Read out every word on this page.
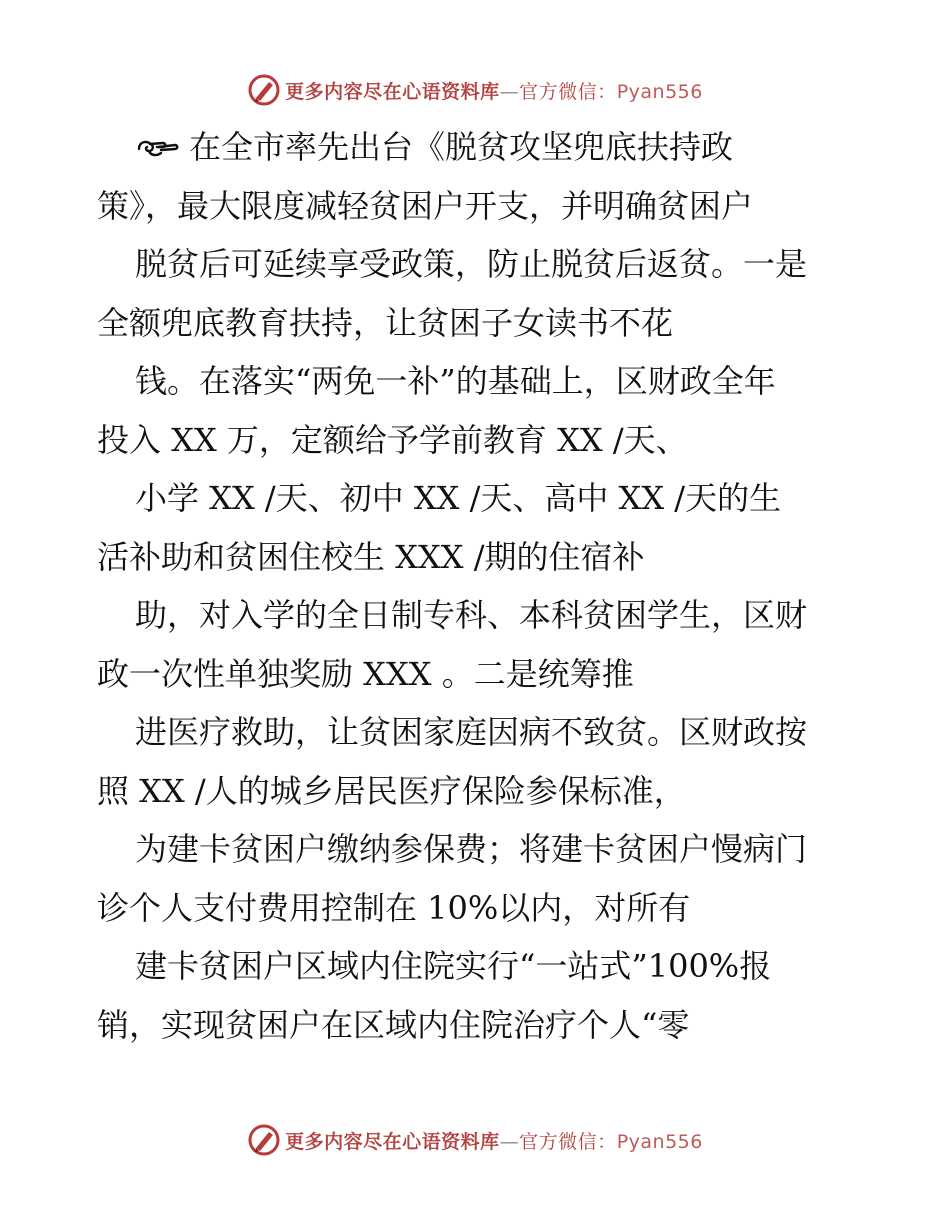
更多内容尽在心语资料库—官方微信：Pyan556
在全市率先出台《脱贫攻坚兜底扶持政
策》，最大限度减轻贫困户开支，并明确贫困户
脱贫后可延续享受政策，防止脱贫后返贫。一是
全额兜底教育扶持，让贫困子女读书不花
钱。在落实“两免一补”的基础上，区财政全年
投入 XX 万，定额给予学前教育 XX /天、
小学 XX /天、初中 XX /天、高中 XX /天的生
活补助和贫困住校生 XXX /期的住宿补
助，对入学的全日制专科、本科贫困学生，区财
政一次性单独奖励 XXX 。二是统筹推
进医疗救助，让贫困家庭因病不致贫。区财政按
照 XX /人的城乡居民医疗保险参保标准，
为建卡贫困户缴纳参保费；将建卡贫困户慢病门
诊个人支付费用控制在 10%以内，对所有
建卡贫困户区域内住院实行“一站式”100%报
销，实现贫困户在区域内住院治疗个人“零
更多内容尽在心语资料库—官方微信：Pyan556
